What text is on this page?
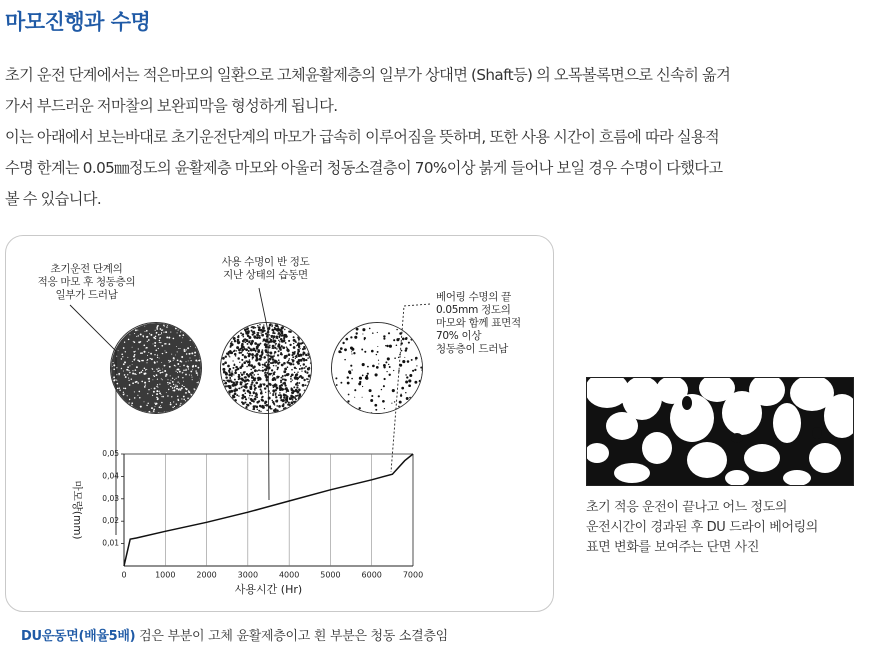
마모진행과 수명

초기 운전 단계에서는 적은마모의 일환으로 고체윤활제층의 일부가 상대면 (Shaft등) 의 오목볼록면으로 신속히 옮겨

가서 부드러운 저마찰의 보완피막을 형성하게 됩니다.

이는 아래에서 보는바대로 초기운전단계의 마모가 급속히 이루어짐을 뜻하며, 또한 사용 시간이 흐름에 따라 실용적

수명 한계는 0.05㎜정도의 윤활제층 마모와 아울러 청동소결층이 70%이상 붉게 들어나 보일 경우 수명이 다했다고

볼 수 있습니다.

초기운전 단계의
적응 마모 후 청동층의
일부가 드러남
사용 수명이 반 정도
지난 상태의 습동면
베어링 수명의 끝
0.05mm 정도의
마모와 함께 표면적
70% 이상
청동층이 드러남
0	1000	2000	3000	4000	5000	6000	7000
0,01
0,02
0,03
0,04
0,05
사용시간 (Hr)
마모량(mm)	초기 적응 운전이 끝나고 어느 정도의

운전시간이 경과된 후 DU 드라이 베어링의

표면 변화를 보여주는 단면 사진

DU운동면(배율5배) 검은 부분이 고체 윤활제층이고 흰 부분은 청동 소결층임
